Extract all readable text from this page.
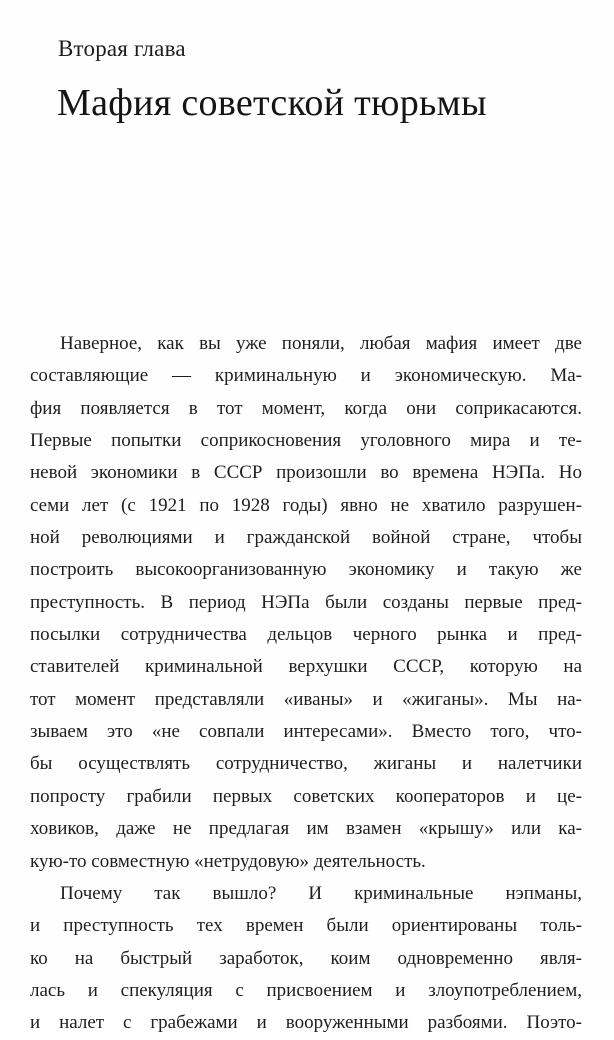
Вторая глава
Мафия советской тюрьмы
Наверное, как вы уже поняли, любая мафия имеет две
составляющие — криминальную и экономическую. Ма-
фия появляется в тот момент, когда они соприкасаются.
Первые попытки соприкосновения уголовного мира и те-
невой экономики в СССР произошли во времена НЭПа. Но
семи лет (с 1921 по 1928 годы) явно не хватило разрушен-
ной революциями и гражданской войной стране, чтобы
построить высокоорганизованную экономику и такую же
преступность. В период НЭПа были созданы первые пред-
посылки сотрудничества дельцов черного рынка и пред-
ставителей криминальной верхушки СССР, которую на
тот момент представляли «иваны» и «жиганы». Мы на-
зываем это «не совпали интересами». Вместо того, что-
бы осуществлять сотрудничество, жиганы и налетчики
попросту грабили первых советских кооператоров и це-
ховиков, даже не предлагая им взамен «крышу» или ка-
кую-то совместную «нетрудовую» деятельность.
Почему так вышло? И криминальные нэпманы,
и преступность тех времен были ориентированы толь-
ко на быстрый заработок, коим одновременно явля-
лась и спекуляция с присвоением и злоупотреблением,
и налет с грабежами и вооруженными разбоями. Поэто-
